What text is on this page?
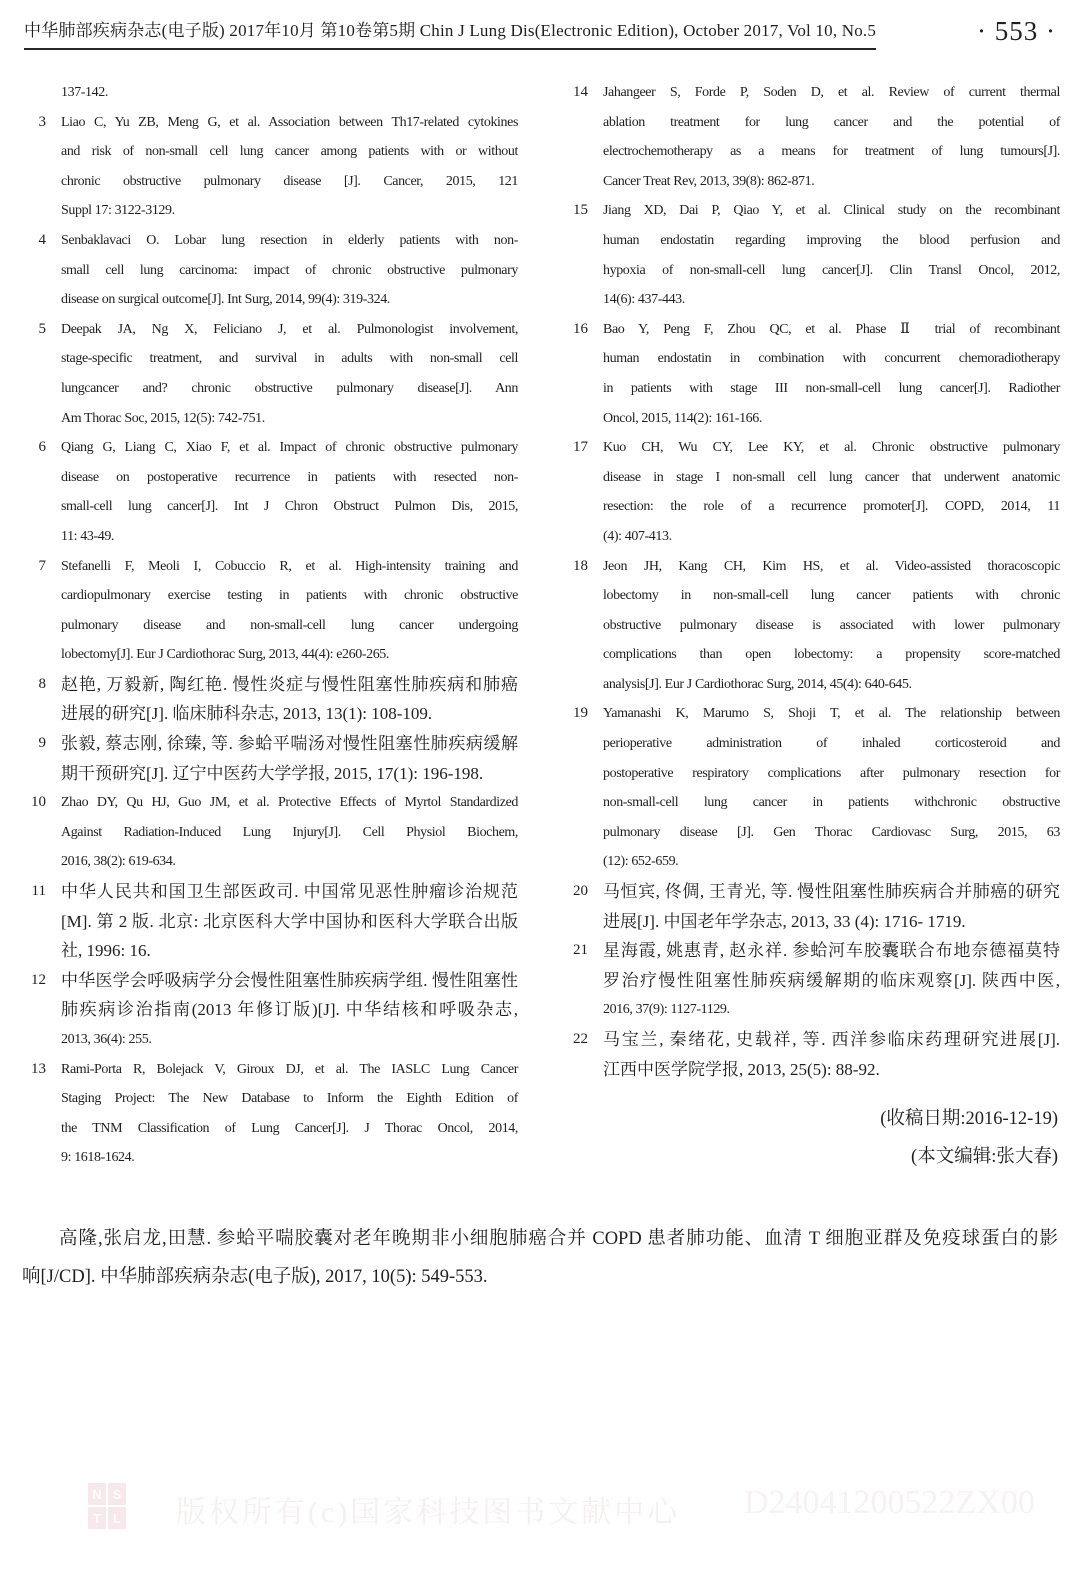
中华肺部疾病杂志(电子版) 2017年10月 第10卷第5期 Chin J Lung Dis(Electronic Edition), October 2017, Vol 10, No.5	· 553 ·
137-142.
3 Liao C, Yu ZB, Meng G, et al. Association between Th17-related cytokines
and risk of non-small cell lung cancer among patients with or without
chronic obstructive pulmonary disease [J]. Cancer, 2015, 121
Suppl 17: 3122-3129.
4 Senbaklavaci O. Lobar lung resection in elderly patients with non-
small cell lung carcinoma: impact of chronic obstructive pulmonary
disease on surgical outcome[J]. Int Surg, 2014, 99(4): 319-324.
5 Deepak JA, Ng X, Feliciano J, et al. Pulmonologist involvement,
stage-specific treatment, and survival in adults with non-small cell
lungcancer and? chronic obstructive pulmonary disease[J]. Ann
Am Thorac Soc, 2015, 12(5): 742-751.
6 Qiang G, Liang C, Xiao F, et al. Impact of chronic obstructive pulmonary
disease on postoperative recurrence in patients with resected non-
small-cell lung cancer[J]. Int J Chron Obstruct Pulmon Dis, 2015,
11: 43-49.
7 Stefanelli F, Meoli I, Cobuccio R, et al. High-intensity training and
cardiopulmonary exercise testing in patients with chronic obstructive
pulmonary disease and non-small-cell lung cancer undergoing
lobectomy[J]. Eur J Cardiothorac Surg, 2013, 44(4): e260-265.
8 赵艳, 万毅新, 陶红艳. 慢性炎症与慢性阻塞性肺疾病和肺癌
进展的研究[J]. 临床肺科杂志, 2013, 13(1): 108-109.
9 张毅, 蔡志刚, 徐臻, 等. 参蛤平喘汤对慢性阻塞性肺疾病缓解
期干预研究[J]. 辽宁中医药大学学报, 2015, 17(1): 196-198.
10 Zhao DY, Qu HJ, Guo JM, et al. Protective Effects of Myrtol Standardized
Against Radiation-Induced Lung Injury[J]. Cell Physiol Biochem,
2016, 38(2): 619-634.
11 中华人民共和国卫生部医政司. 中国常见恶性肿瘤诊治规范
[M]. 第 2 版. 北京: 北京医科大学中国协和医科大学联合出版
社, 1996: 16.
12 中华医学会呼吸病学分会慢性阻塞性肺疾病学组. 慢性阻塞性
肺疾病诊治指南(2013 年修订版)[J]. 中华结核和呼吸杂志,
2013, 36(4): 255.
13 Rami-Porta R, Bolejack V, Giroux DJ, et al. The IASLC Lung Cancer
Staging Project: The New Database to Inform the Eighth Edition of
the TNM Classification of Lung Cancer[J]. J Thorac Oncol, 2014,
9: 1618-1624.
14 Jahangeer S, Forde P, Soden D, et al. Review of current thermal
ablation treatment for lung cancer and the potential of
electrochemotherapy as a means for treatment of lung tumours[J].
Cancer Treat Rev, 2013, 39(8): 862-871.
15 Jiang XD, Dai P, Qiao Y, et al. Clinical study on the recombinant
human endostatin regarding improving the blood perfusion and
hypoxia of non-small-cell lung cancer[J]. Clin Transl Oncol, 2012,
14(6): 437-443.
16 Bao Y, Peng F, Zhou QC, et al. Phase Ⅱ trial of recombinant
human endostatin in combination with concurrent chemoradiotherapy
in patients with stage III non-small-cell lung cancer[J]. Radiother
Oncol, 2015, 114(2): 161-166.
17 Kuo CH, Wu CY, Lee KY, et al. Chronic obstructive pulmonary
disease in stage I non-small cell lung cancer that underwent anatomic
resection: the role of a recurrence promoter[J]. COPD, 2014, 11
(4): 407-413.
18 Jeon JH, Kang CH, Kim HS, et al. Video-assisted thoracoscopic
lobectomy in non-small-cell lung cancer patients with chronic
obstructive pulmonary disease is associated with lower pulmonary
complications than open lobectomy: a propensity score-matched
analysis[J]. Eur J Cardiothorac Surg, 2014, 45(4): 640-645.
19 Yamanashi K, Marumo S, Shoji T, et al. The relationship between
perioperative administration of inhaled corticosteroid and
postoperative respiratory complications after pulmonary resection for
non-small-cell lung cancer in patients withchronic obstructive
pulmonary disease [J]. Gen Thorac Cardiovasc Surg, 2015, 63
(12): 652-659.
20 马恒宾, 佟倜, 王青光, 等. 慢性阻塞性肺疾病合并肺癌的研究
进展[J]. 中国老年学杂志, 2013, 33 (4): 1716- 1719.
21 星海霞, 姚惠青, 赵永祥. 参蛤河车胶囊联合布地奈德福莫特
罗治疗慢性阻塞性肺疾病缓解期的临床观察[J]. 陕西中医,
2016, 37(9): 1127-1129.
22 马宝兰, 秦绪花, 史载祥, 等. 西洋参临床药理研究进展[J].
江西中医学院学报, 2013, 25(5): 88-92.
(收稿日期:2016-12-19)
(本文编辑:张大春)
高隆,张启龙,田慧. 参蛤平喘胶囊对老年晚期非小细胞肺癌合并 COPD 患者肺功能、血清 T 细胞亚群及免疫球蛋白的影
响[J/CD]. 中华肺部疾病杂志(电子版), 2017, 10(5): 549-553.
N S
T L 版权所有(c)国家科技图书文献中心 D24041200522ZX00
